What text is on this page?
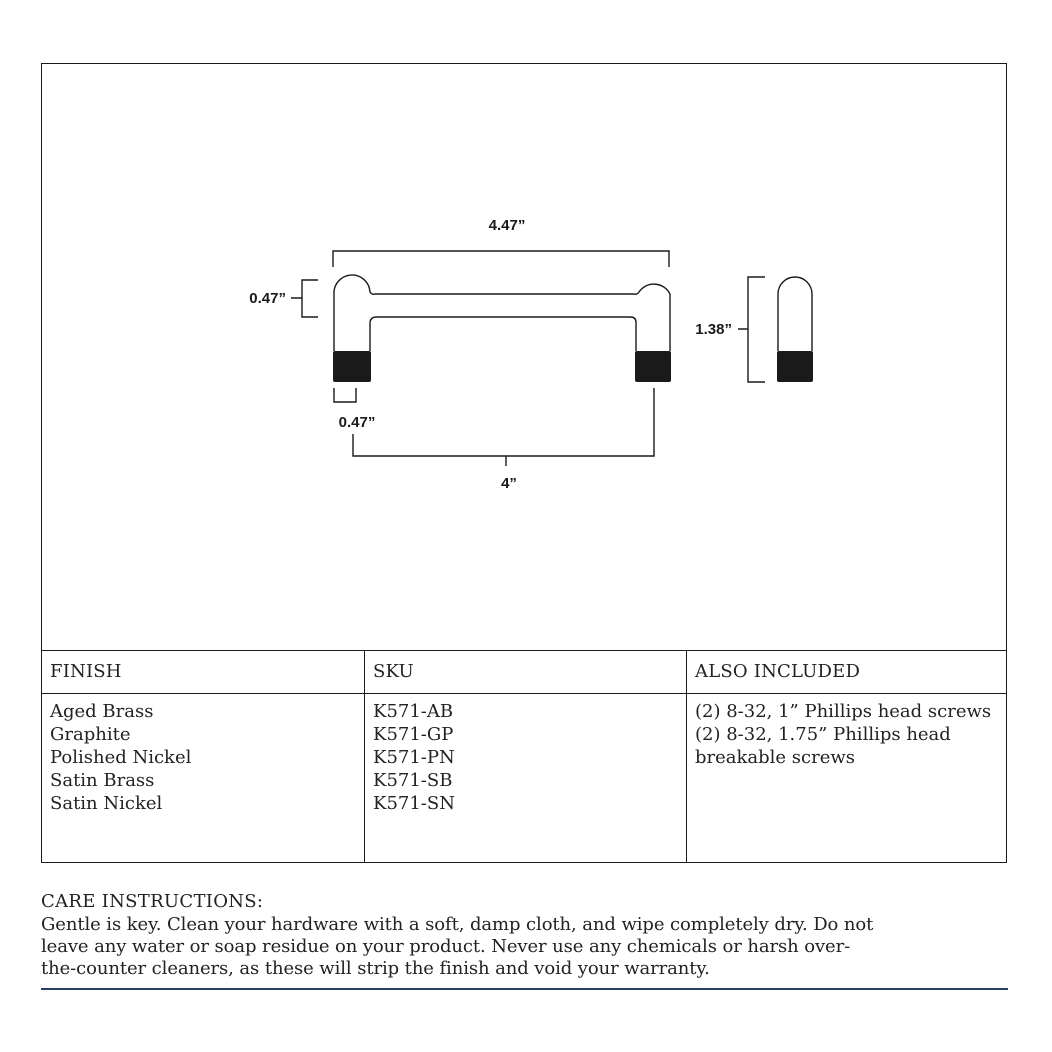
4.47”
0.47”
0.47”
4”
1.38”
FINISH
Aged Brass
Graphite
Polished Nickel
Satin Brass
Satin Nickel
SKU
K571-AB
K571-GP
K571-PN
K571-SB
K571-SN
ALSO INCLUDED
(2) 8-32, 1” Phillips head screws
(2) 8-32, 1.75” Phillips head
breakable screws
CARE INSTRUCTIONS:
Gentle is key. Clean your hardware with a soft, damp cloth, and wipe completely dry. Do not leave any water or soap residue on your product. Never use any chemicals or harsh over-the-counter cleaners, as these will strip the finish and void your warranty.
